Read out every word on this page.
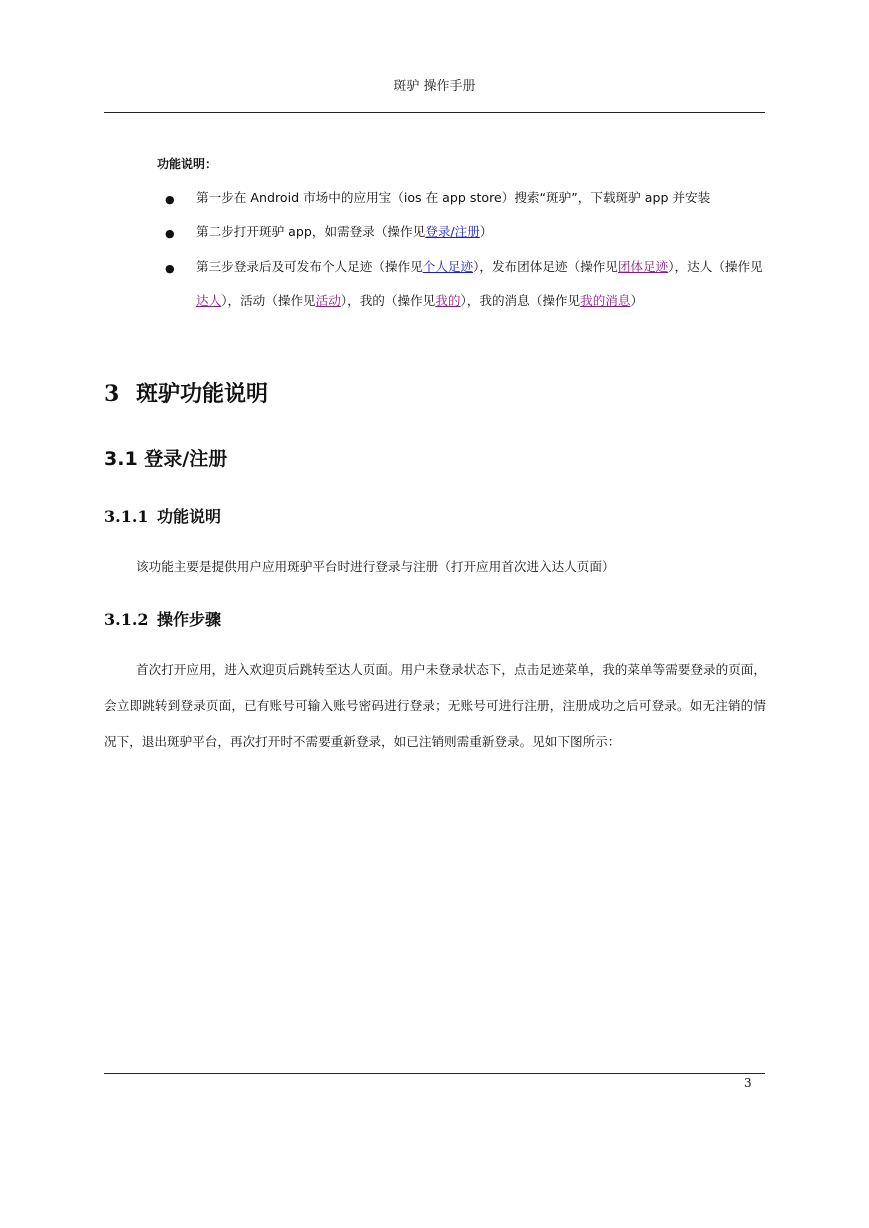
斑驴 操作手册
功能说明：
● 第一步在 Android 市场中的应用宝（ios 在 app store）搜索“斑驴”，下载斑驴 app 并安装
● 第二步打开斑驴 app，如需登录（操作见登录/注册）
● 第三步登录后及可发布个人足迹（操作见个人足迹），发布团体足迹（操作见团体足迹），达人（操作见达人），活动（操作见活动），我的（操作见我的），我的消息（操作见我的消息）
3 斑驴功能说明
3.1 登录/注册
3.1.1 功能说明
该功能主要是提供用户应用斑驴平台时进行登录与注册（打开应用首次进入达人页面）
3.1.2 操作步骤
首次打开应用，进入欢迎页后跳转至达人页面。用户未登录状态下，点击足迹菜单，我的菜单等需要登录的页面，会立即跳转到登录页面，已有账号可输入账号密码进行登录；无账号可进行注册，注册成功之后可登录。如无注销的情况下，退出斑驴平台，再次打开时不需要重新登录，如已注销则需重新登录。见如下图所示：
3
